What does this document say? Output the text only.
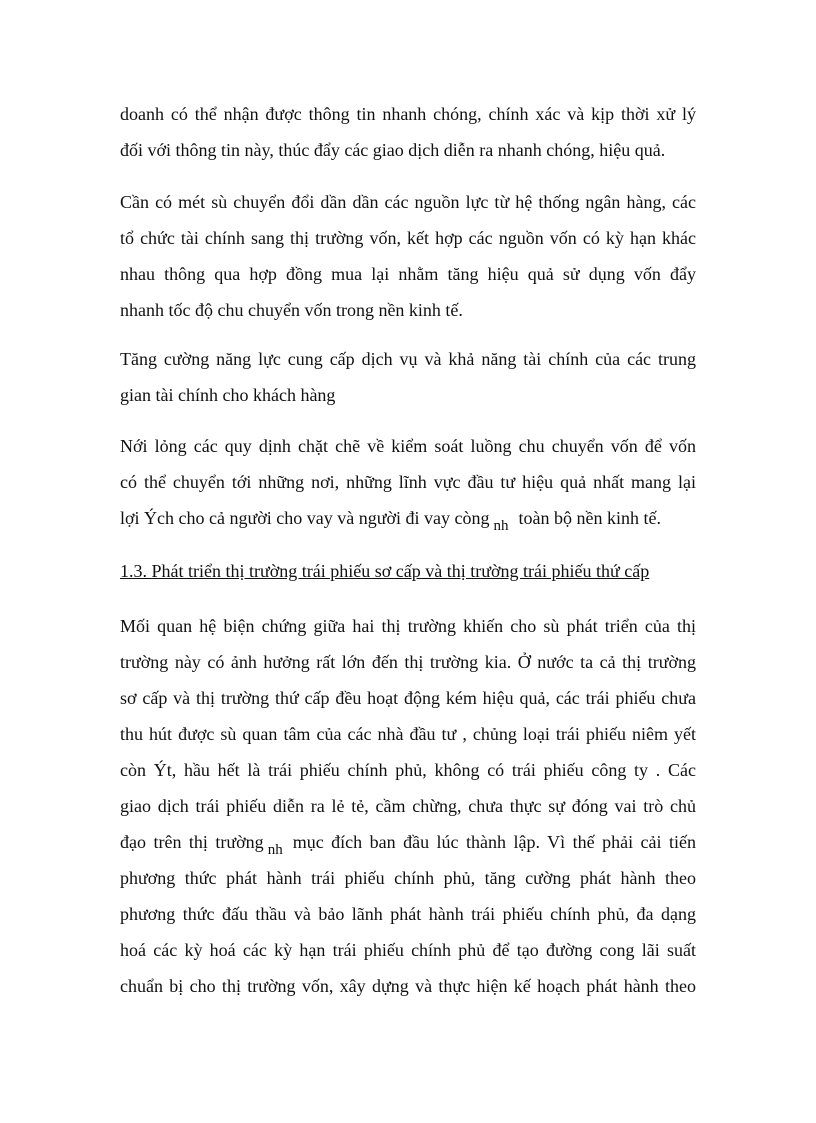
doanh có thể nhận được thông tin nhanh chóng, chính xác và kịp thời xử lý
đối với thông tin này, thúc đẩy các giao dịch diễn ra nhanh chóng, hiệu quả.

Cần có mét sù chuyển đổi dần dần các nguồn lực từ hệ thống ngân hàng, các
tổ chức tài chính sang thị trường vốn, kết hợp các nguồn vốn có kỳ hạn khác
nhau thông qua hợp đồng mua lại nhằm tăng hiệu quả sử dụng vốn đẩy
nhanh tốc độ chu chuyển vốn trong nền kinh tế.

Tăng cường năng lực cung cấp dịch vụ và khả năng tài chính của các trung
gian tài chính cho khách hàng

Nới lỏng các quy dịnh chặt chẽ về kiểm soát luồng chu chuyển vốn để vốn
có thể chuyển tới những nơi, những lĩnh vực đầu tư hiệu quả nhất mang lại
lợi Ých cho cả người cho vay và người đi vay còng $_{nh}$ toàn bộ nền kinh tế.

1.3. Phát triển thị trường trái phiếu sơ cấp và thị trường trái phiếu thứ cấp

Mối quan hệ biện chứng giữa hai thị trường khiến cho sù phát triển của thị
trường này có ảnh hưởng rất lớn đến thị trường kia. Ở nước ta cả thị trường
sơ cấp và thị trường thứ cấp đều hoạt động kém hiệu quả, các trái phiếu chưa
thu hút được sù quan tâm của các nhà đầu tư , chủng loại trái phiếu niêm yết
còn Ýt, hầu hết là trái phiếu chính phủ, không có trái phiếu công ty . Các
giao dịch trái phiếu diễn ra lẻ tẻ, cầm chừng, chưa thực sự đóng vai trò chủ
đạo trên thị trường $_{nh}$ mục đích ban đầu lúc thành lập. Vì thế phải cải tiến
phương thức phát hành trái phiếu chính phủ, tăng cường phát hành theo
phương thức đấu thầu và bảo lãnh phát hành trái phiếu chính phủ, đa dạng
hoá các kỳ hoá các kỳ hạn trái phiếu chính phủ để tạo đường cong lãi suất
chuẩn bị cho thị trường vốn, xây dựng và thực hiện kế hoạch phát hành theo
